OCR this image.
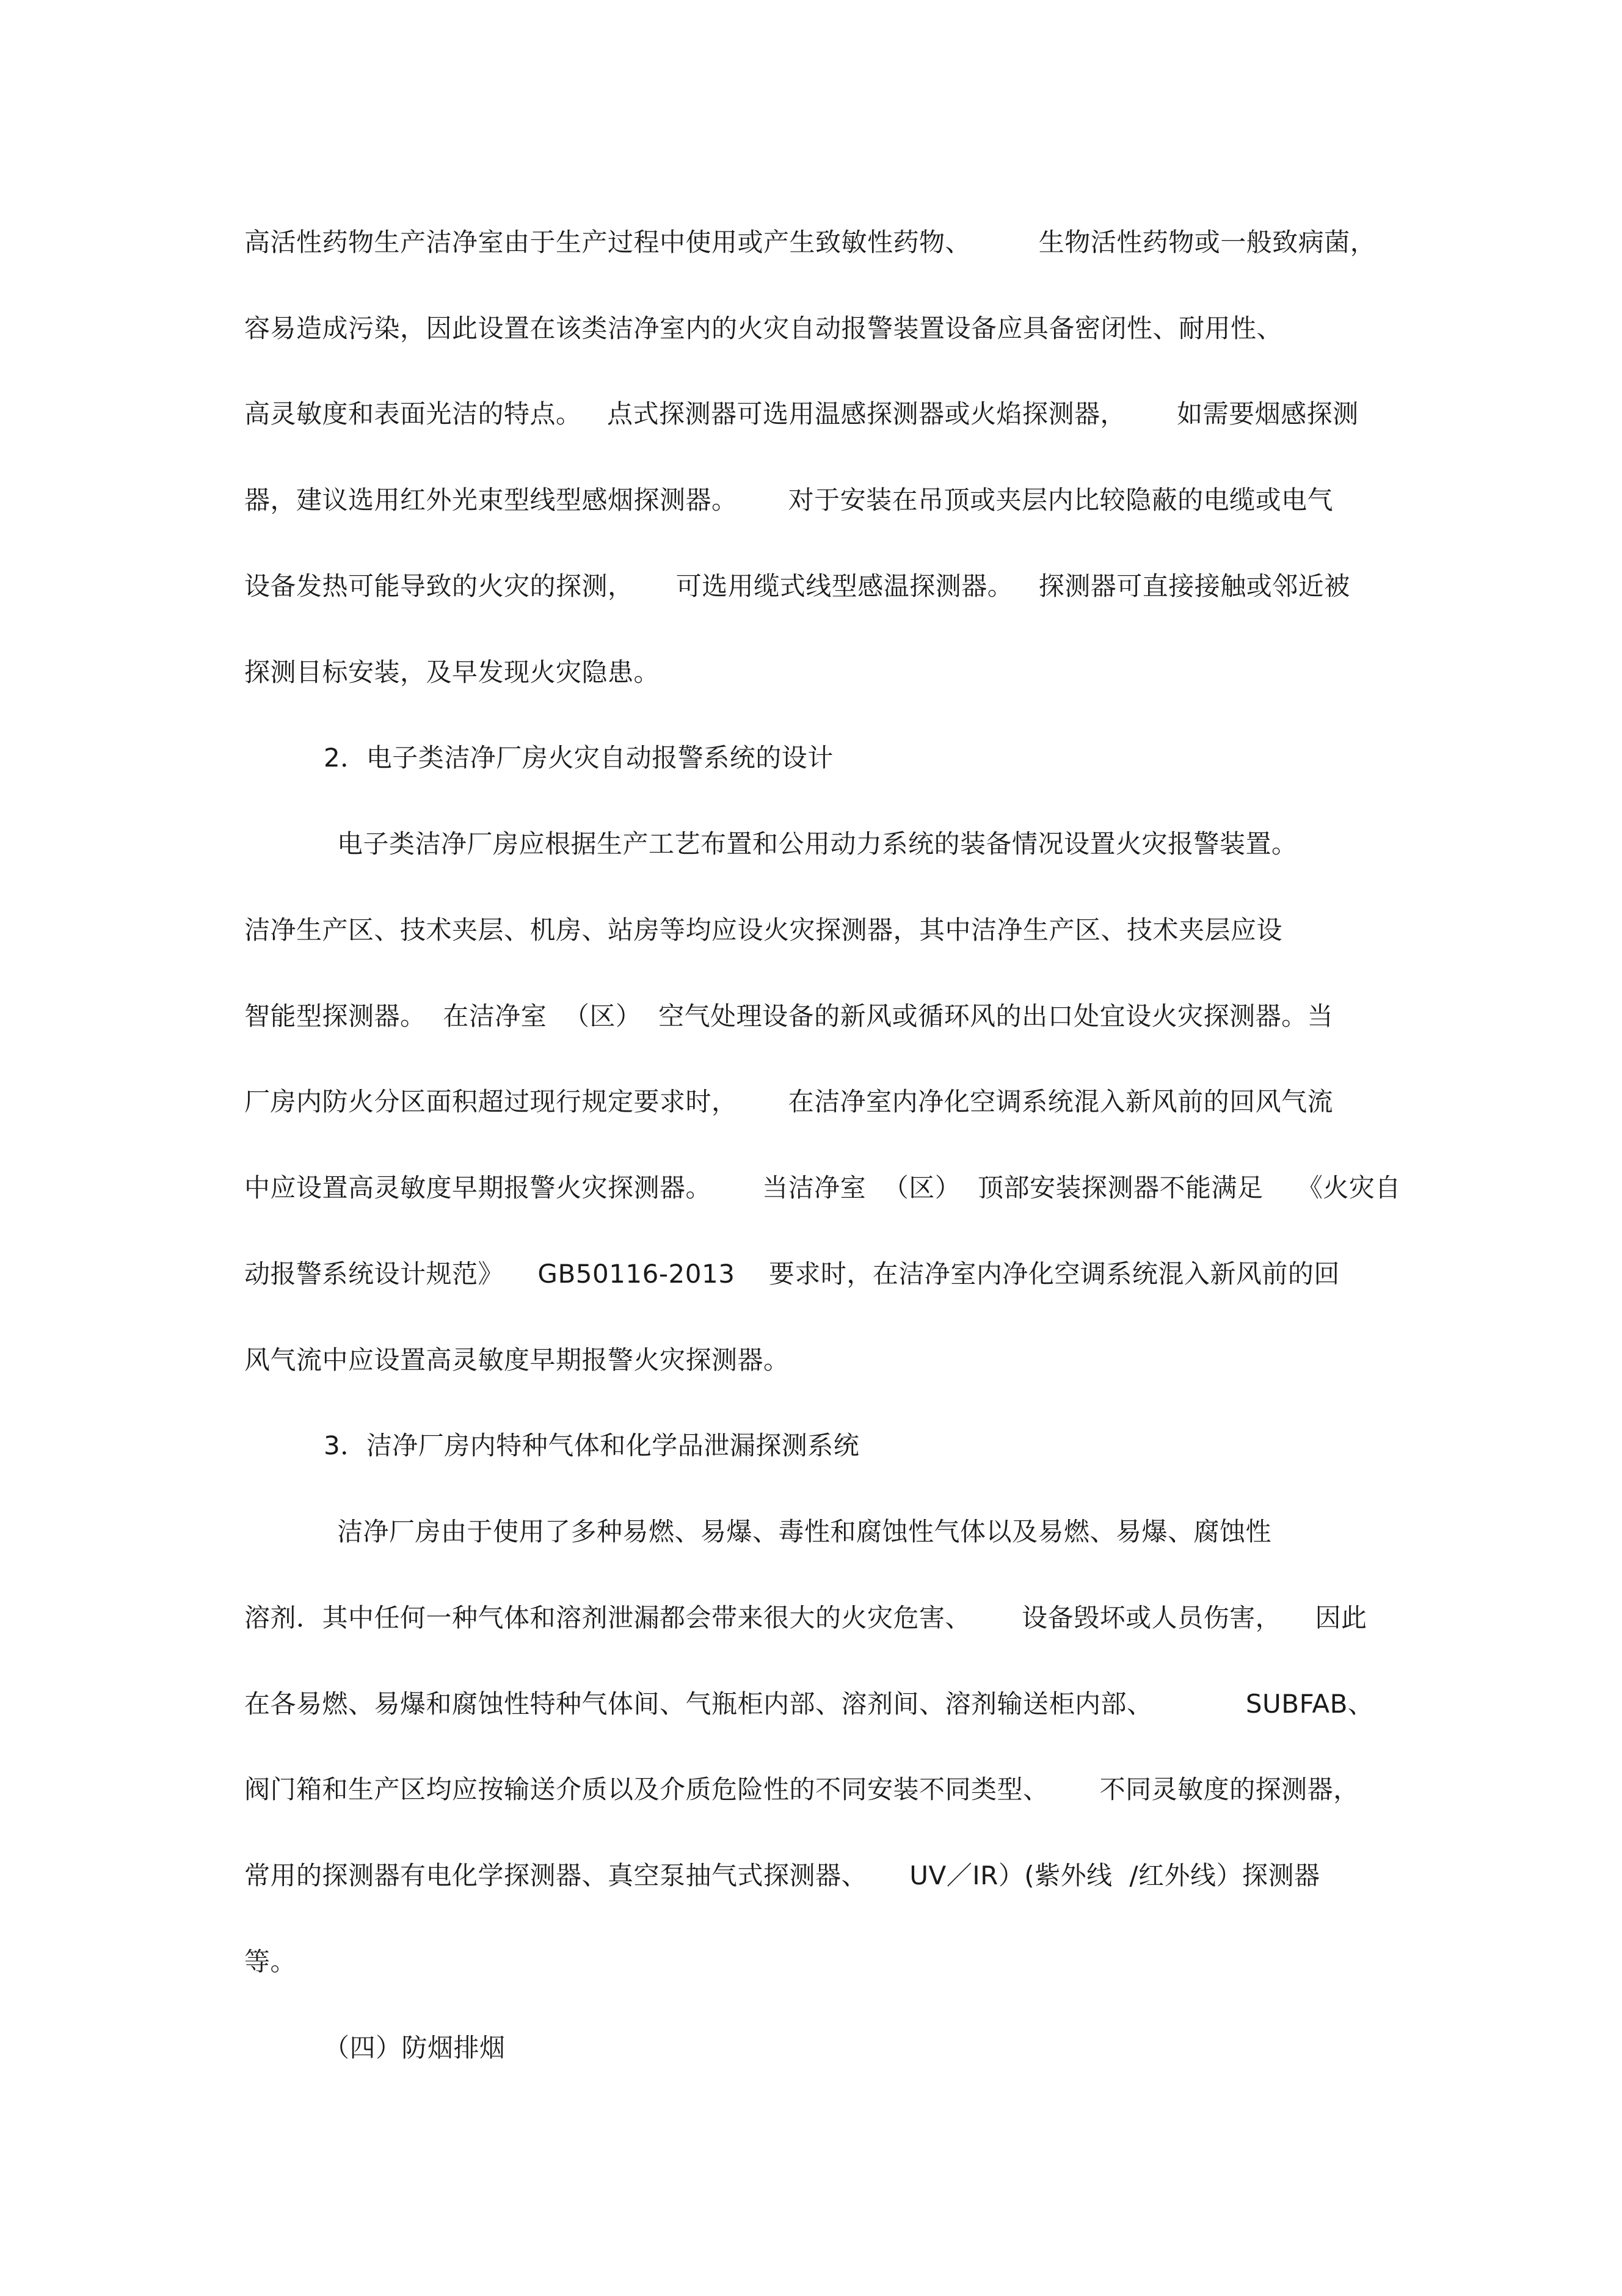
高活性药物生产洁净室由于生产过程中使用或产生致敏性药物、        生物活性药物或一般致病菌，
容易造成污染，因此设置在该类洁净室内的火灾自动报警装置设备应具备密闭性、耐用性、
高灵敏度和表面光洁的特点。   点式探测器可选用温感探测器或火焰探测器，      如需要烟感探测
器，建议选用红外光束型线型感烟探测器。      对于安装在吊顶或夹层内比较隐蔽的电缆或电气
设备发热可能导致的火灾的探测，     可选用缆式线型感温探测器。   探测器可直接接触或邻近被
探测目标安装，及早发现火灾隐患。
2．电子类洁净厂房火灾自动报警系统的设计
电子类洁净厂房应根据生产工艺布置和公用动力系统的装备情况设置火灾报警装置。
洁净生产区、技术夹层、机房、站房等均应设火灾探测器，其中洁净生产区、技术夹层应设
智能型探测器。  在洁净室  （区）  空气处理设备的新风或循环风的出口处宜设火灾探测器。当
厂房内防火分区面积超过现行规定要求时，      在洁净室内净化空调系统混入新风前的回风气流
中应设置高灵敏度早期报警火灾探测器。      当洁净室  （区）  顶部安装探测器不能满足    《火灾自
动报警系统设计规范》    GB50116-2013    要求时，在洁净室内净化空调系统混入新风前的回
风气流中应设置高灵敏度早期报警火灾探测器。
3．洁净厂房内特种气体和化学品泄漏探测系统
洁净厂房由于使用了多种易燃、易爆、毒性和腐蚀性气体以及易燃、易爆、腐蚀性
溶剂．其中任何一种气体和溶剂泄漏都会带来很大的火灾危害、      设备毁坏或人员伤害，    因此
在各易燃、易爆和腐蚀性特种气体间、气瓶柜内部、溶剂间、溶剂输送柜内部、           SUBFAB、
阀门箱和生产区均应按输送介质以及介质危险性的不同安装不同类型、      不同灵敏度的探测器，
常用的探测器有电化学探测器、真空泵抽气式探测器、     UV／IR）(紫外线  /红外线）探测器
等。
（四）防烟排烟
